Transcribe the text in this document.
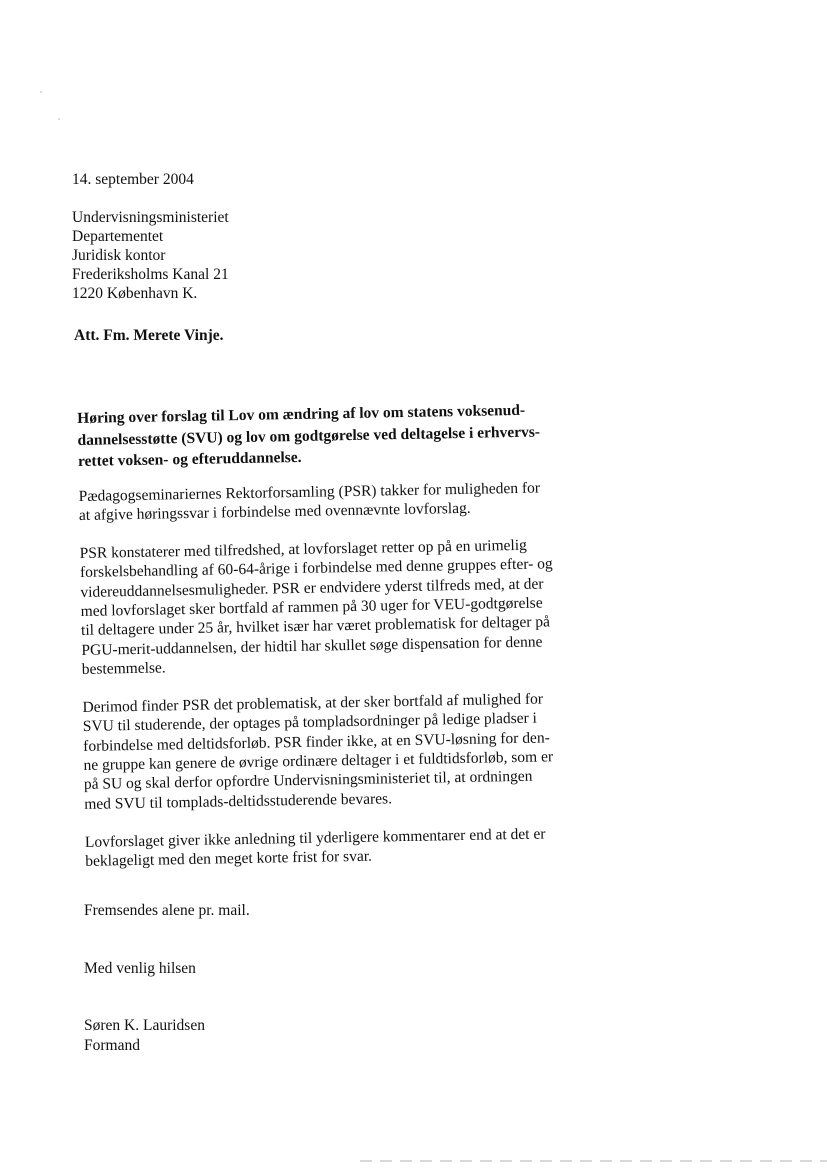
14. september 2004
Undervisningsministeriet
Departementet
Juridisk kontor
Frederiksholms Kanal 21
1220 København K.
Att. Fm. Merete Vinje.
Høring over forslag til Lov om ændring af lov om statens voksenud-
dannelsesstøtte (SVU) og lov om godtgørelse ved deltagelse i erhvervs-
rettet voksen- og efteruddannelse.
Pædagogseminariernes Rektorforsamling (PSR) takker for muligheden for
at afgive høringssvar i forbindelse med ovennævnte lovforslag.
PSR konstaterer med tilfredshed, at lovforslaget retter op på en urimelig
forskelsbehandling af 60-64-årige i forbindelse med denne gruppes efter- og
videreuddannelsesmuligheder. PSR er endvidere yderst tilfreds med, at der
med lovforslaget sker bortfald af rammen på 30 uger for VEU-godtgørelse
til deltagere under 25 år, hvilket især har været problematisk for deltager på
PGU-merit-uddannelsen, der hidtil har skullet søge dispensation for denne
bestemmelse.
Derimod finder PSR det problematisk, at der sker bortfald af mulighed for
SVU til studerende, der optages på tompladsordninger på ledige pladser i
forbindelse med deltidsforløb. PSR finder ikke, at en SVU-løsning for den-
ne gruppe kan genere de øvrige ordinære deltager i et fuldtidsforløb, som er
på SU og skal derfor opfordre Undervisningsministeriet til, at ordningen
med SVU til tomplads-deltidsstuderende bevares.
Lovforslaget giver ikke anledning til yderligere kommentarer end at det er
beklageligt med den meget korte frist for svar.
Fremsendes alene pr. mail.
Med venlig hilsen
Søren K. Lauridsen
Formand
